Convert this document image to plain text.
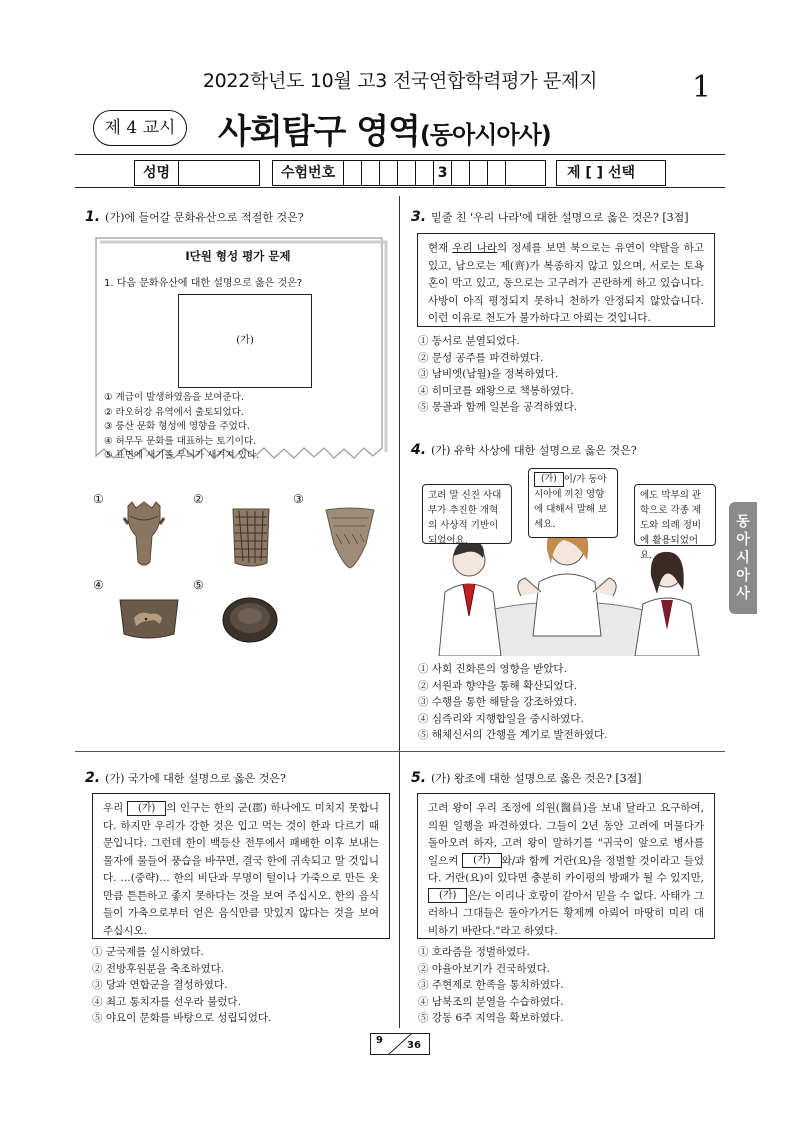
2022학년도 10월 고3 전국연합학력평가 문제지	1
제 4 교시	사회탐구 영역(동아시아사)
성명	수험번호	3	제 [ ] 선택
동
아
시
아
사
1. (가)에 들어갈 문화유산으로 적절한 것은?
Ⅰ단원 형성 평가 문제
1. 다음 문화유산에 대한 설명으로 옳은 것은?
(가)
① 계급이 발생하였음을 보여준다.
② 라오허강 유역에서 출토되었다.
③ 룽산 문화 형성에 영향을 주었다.
④ 허무두 문화를 대표하는 토기이다.
⑤ 표면에 새기줄 무늬가 새겨져 있다.
①	②	③
④	⑤
2. (가) 국가에 대한 설명으로 옳은 것은?
우리 (가) 의 인구는 한의 군(郡) 하나에도 미치지 못합니다. 하지만 우리가 강한 것은 입고 먹는 것이 한과 다르기 때문입니다. 그런데 한이 백등산 전투에서 패배한 이후 보내는 물자에 물들어 풍습을 바꾸면, 결국 한에 귀속되고 말 것입니다. …(중략)… 한의 비단과 무명이 털이나 가죽으로 만든 옷만큼 튼튼하고 좋지 못하다는 것을 보여 주십시오. 한의 음식들이 가축으로부터 얻은 음식만큼 맛있지 않다는 것을 보여 주십시오.
① 군국제를 실시하였다.
② 전방후원분을 축조하였다.
③ 당과 연합군을 결성하였다.
④ 최고 통치자를 선우라 불렀다.
⑤ 야요이 문화를 바탕으로 성립되었다.
3. 밑줄 친 '우리 나라'에 대한 설명으로 옳은 것은? [3점]
현재 우리 나라의 정세를 보면 북으로는 유연이 약탈을 하고 있고, 남으로는 제(齊)가 복종하지 않고 있으며, 서로는 토욕혼이 막고 있고, 동으로는 고구려가 곤란하게 하고 있습니다. 사방이 아직 평정되지 못하니 천하가 안정되지 않았습니다. 이런 이유로 천도가 불가하다고 아뢰는 것입니다.
① 동서로 분열되었다.
② 문성 공주를 파견하였다.
③ 남비엣(남월)을 정복하였다.
④ 히미코를 왜왕으로 책봉하였다.
⑤ 몽골과 함께 일본을 공격하였다.
4. (가) 유학 사상에 대한 설명으로 옳은 것은?
고려 말 신진 사대부가 추진한 개혁의 사상적 기반이 되었어요.
(가) 이/가 동아시아에 끼친 영향에 대해서 말해 보세요.
에도 막부의 관학으로 각종 제도와 의례 정비에 활용되었어요.
① 사회 진화론의 영향을 받았다.
② 서원과 향약을 통해 확산되었다.
③ 수행을 통한 해탈을 강조하였다.
④ 심즉리와 지행합일을 중시하였다.
⑤ 해체신서의 간행을 계기로 발전하였다.
5. (가) 왕조에 대한 설명으로 옳은 것은? [3점]
고려 왕이 우리 조정에 의원(醫員)을 보내 달라고 요구하여, 의원 일행을 파견하였다. 그들이 2년 동안 고려에 머물다가 돌아오려 하자, 고려 왕이 말하기를 "귀국이 앞으로 병사를 일으켜 (가) 와/과 함께 거란(요)을 정벌할 것이라고 들었다. 거란(요)이 있다면 충분히 카이펑의 방패가 될 수 있지만, (가) 은/는 이리나 호랑이 같아서 믿을 수 없다. 사태가 그러하니 그대들은 돌아가거든 황제께 아뢰어 마땅히 미리 대비하기 바란다."라고 하였다.
① 호라즘을 정벌하였다.
② 야율아보기가 건국하였다.
③ 주현제로 한족을 통치하였다.
④ 남북조의 분열을 수습하였다.
⑤ 강동 6주 지역을 확보하였다.
9 36
